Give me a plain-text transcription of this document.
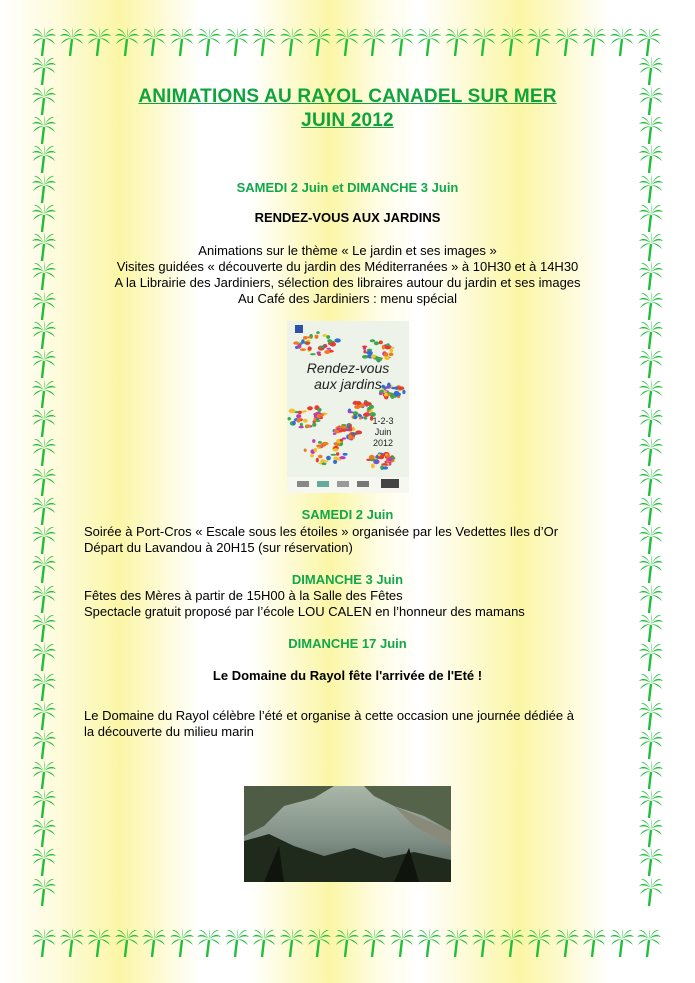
ANIMATIONS AU RAYOL CANADEL SUR MER
JUIN 2012
SAMEDI 2 Juin et DIMANCHE 3 Juin
RENDEZ-VOUS AUX JARDINS
Animations sur le thème « Le jardin et ses images »
Visites guidées « découverte du jardin des Méditerranées » à 10H30 et à 14H30
A la Librairie des Jardiniers, sélection des libraires autour du jardin et ses images
Au Café des Jardiniers : menu spécial
Rendez-vous
aux jardins
1-2-3
Juin
2012
SAMEDI 2 Juin
Soirée à Port-Cros « Escale sous les étoiles » organisée par les Vedettes Iles d’Or
Départ du Lavandou à 20H15 (sur réservation)
DIMANCHE 3 Juin
Fêtes des Mères à partir de 15H00 à la Salle des Fêtes
Spectacle gratuit proposé par l’école LOU CALEN en l’honneur des mamans
DIMANCHE 17 Juin
Le Domaine du Rayol fête l'arrivée de l'Eté !
Le Domaine du Rayol célèbre l’été et organise à cette occasion une journée dédiée à
la découverte du milieu marin
